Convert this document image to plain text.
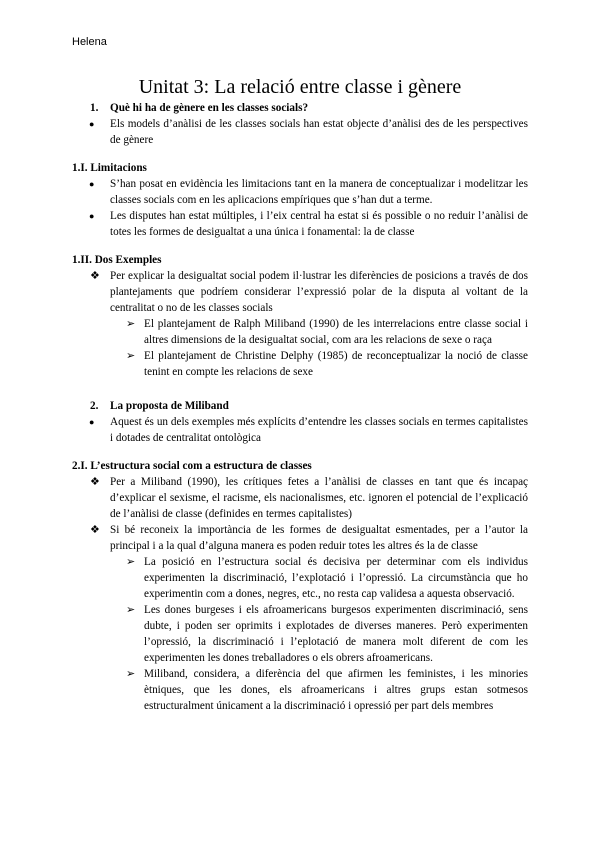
Helena
Unitat 3: La relació entre classe i gènere
1. Què hi ha de gènere en les classes socials?
● Els models d’anàlisi de les classes socials han estat objecte d’anàlisi des de les perspectives de gènere
1.I. Limitacions
● S’han posat en evidència les limitacions tant en la manera de conceptualizar i modelitzar les classes socials com en les aplicacions empíriques que s’han dut a terme.
● Les disputes han estat múltiples, i l’eix central ha estat si és possible o no reduir l’anàlisi de totes les formes de desigualtat a una única i fonamental: la de classe
1.II. Dos Exemples
❖ Per explicar la desigualtat social podem il·lustrar les diferències de posicions a través de dos plantejaments que podríem considerar l’expressió polar de la disputa al voltant de la centralitat o no de les classes socials
➢ El plantejament de Ralph Miliband (1990) de les interrelacions entre classe social i altres dimensions de la desigualtat social, com ara les relacions de sexe o raça
➢ El plantejament de Christine Delphy (1985) de reconceptualizar la noció de classe tenint en compte les relacions de sexe
2. La proposta de Miliband
● Aquest és un dels exemples més explícits d’entendre les classes socials en termes capitalistes i dotades de centralitat ontològica
2.I. L’estructura social com a estructura de classes
❖ Per a Miliband (1990), les crítiques fetes a l’anàlisi de classes en tant que és incapaç d’explicar el sexisme, el racisme, els nacionalismes, etc. ignoren el potencial de l’explicació de l’anàlisi de classe (definides en termes capitalistes)
❖ Si bé reconeix la importància de les formes de desigualtat esmentades, per a l’autor la principal i a la qual d’alguna manera es poden reduir totes les altres és la de classe
➢ La posició en l’estructura social és decisiva per determinar com els individus experimenten la discriminació, l’explotació i l’opressió. La circumstància que ho experimentin com a dones, negres, etc., no resta cap validesa a aquesta observació.
➢ Les dones burgeses i els afroamericans burgesos experimenten discriminació, sens dubte, i poden ser oprimits i explotades de diverses maneres. Però experimenten l’opressió, la discriminació i l’eplotació de manera molt diferent de com les experimenten les dones treballadores o els obrers afroamericans.
➢ Miliband, considera, a diferència del que afirmen les feministes, i les minories ètniques, que les dones, els afroamericans i altres grups estan sotmesos estructuralment únicament a la discriminació i opressió per part dels membres
